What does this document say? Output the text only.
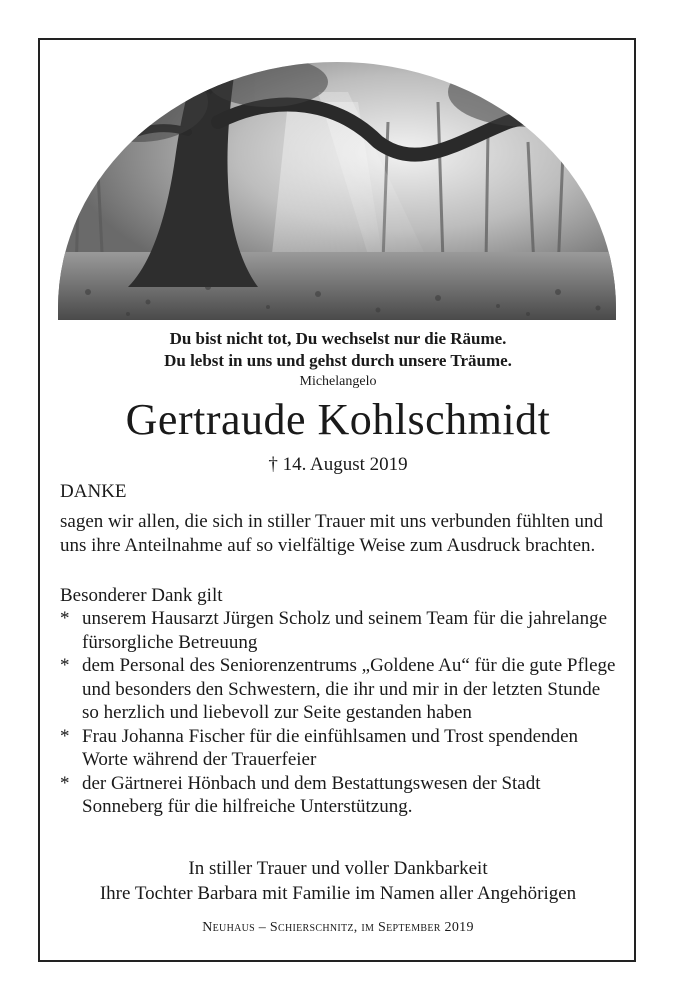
Du bist nicht tot, Du wechselst nur die Räume.
Du lebst in uns und gehst durch unsere Träume.
Michelangelo
Gertraude Kohlschmidt
† 14. August 2019
DANKE
sagen wir allen, die sich in stiller Trauer mit uns verbunden fühlten und uns ihre Anteilnahme auf so vielfältige Weise zum Ausdruck brachten.
Besonderer Dank gilt
* unserem Hausarzt Jürgen Scholz und seinem Team für die jahrelange fürsorgliche Betreuung
* dem Personal des Seniorenzentrums „Goldene Au“ für die gute Pflege und besonders den Schwestern, die ihr und mir in der letzten Stunde so herzlich und liebevoll zur Seite gestanden haben
* Frau Johanna Fischer für die einfühlsamen und Trost spendenden Worte während der Trauerfeier
* der Gärtnerei Hönbach und dem Bestattungswesen der Stadt Sonneberg für die hilfreiche Unterstützung.
In stiller Trauer und voller Dankbarkeit
Ihre Tochter Barbara mit Familie im Namen aller Angehörigen
Neuhaus – Schierschnitz, im September 2019
